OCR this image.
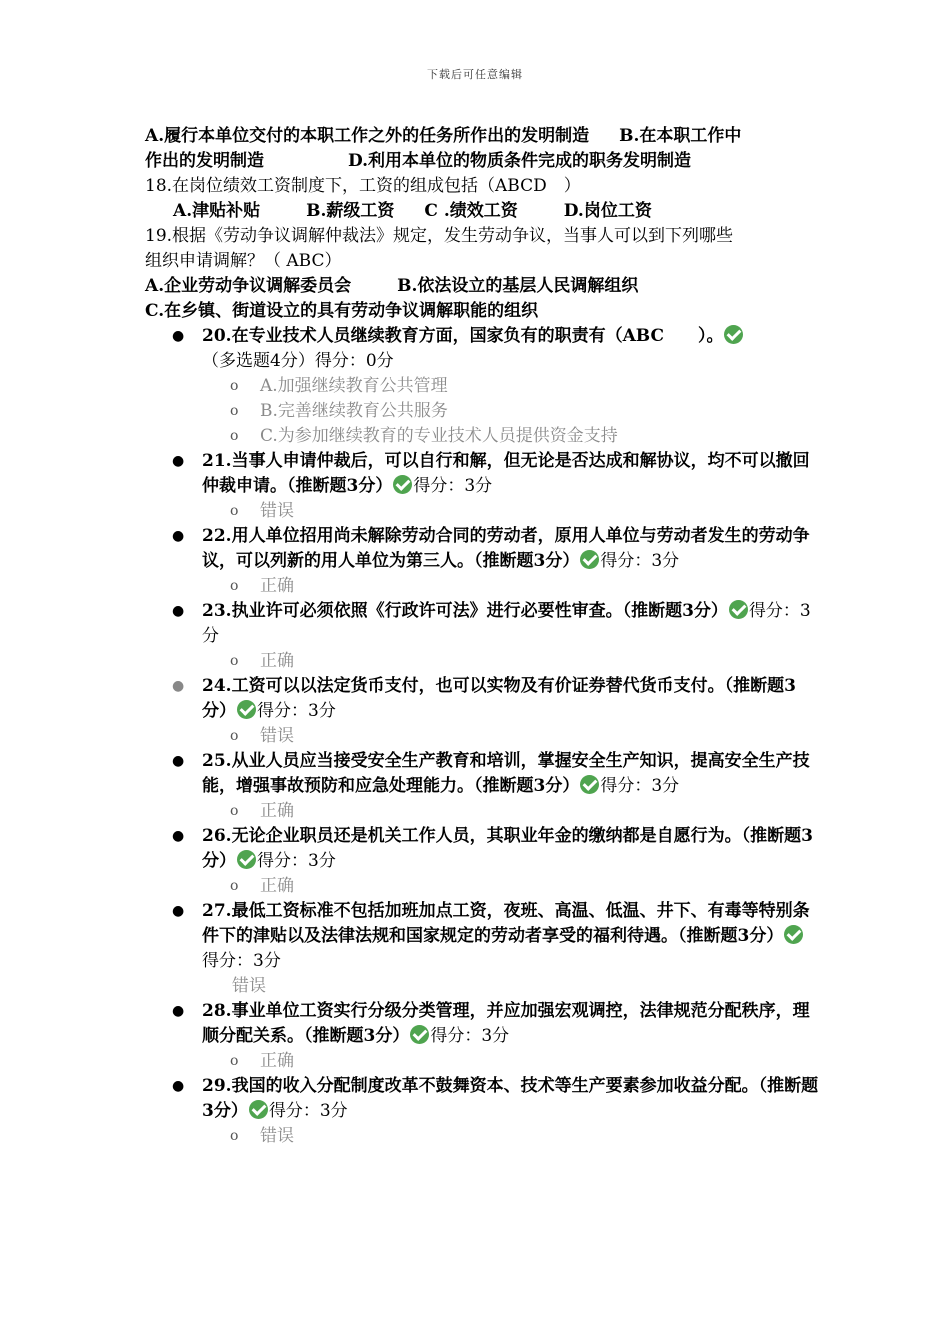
下载后可任意编辑
A.履行本单位交付的本职工作之外的任务所作出的发明制造 B.在本职工作中
作出的发明制造	D.利用本单位的物质条件完成的职务发明制造
18.在岗位绩效工资制度下，工资的组成包括（ABCD　）
A.津贴补贴	B.薪级工资 C .绩效工资	D.岗位工资
19.根据《劳动争议调解仲裁法》规定，发生劳动争议，当事人可以到下列哪些
组织申请调解？（ ABC）
A.企业劳动争议调解委员会	B.依法设立的基层人民调解组织
C.在乡镇、街道设立的具有劳动争议调解职能的组织
● 20.在专业技术人员继续教育方面，国家负有的职责有（ABC　　）。
（多选题4分）得分：0分
o A.加强继续教育公共管理
o B.完善继续教育公共服务
o C.为参加继续教育的专业技术人员提供资金支持
● 21.当事人申请仲裁后，可以自行和解，但无论是否达成和解协议，均不可以撤回仲裁申请。（推断题3分） 得分：3分
o 错误
● 22.用人单位招用尚未解除劳动合同的劳动者，原用人单位与劳动者发生的劳动争议，可以列新的用人单位为第三人。（推断题3分） 得分：3分
o 正确
● 23.执业许可必须依照《行政许可法》进行必要性审查。（推断题3分） 得分：3分
o 正确
● 24.工资可以以法定货币支付，也可以实物及有价证券替代货币支付。（推断题3分） 得分：3分
o 错误
● 25.从业人员应当接受安全生产教育和培训，掌握安全生产知识，提高安全生产技能，增强事故预防和应急处理能力。（推断题3分） 得分：3分
o 正确
● 26.无论企业职员还是机关工作人员，其职业年金的缴纳都是自愿行为。（推断题3分） 得分：3分
o 正确
● 27.最低工资标准不包括加班加点工资，夜班、高温、低温、井下、有毒等特别条件下的津贴以及法律法规和国家规定的劳动者享受的福利待遇。（推断题3分）得分：3分
错误
● 28.事业单位工资实行分级分类管理，并应加强宏观调控，法律规范分配秩序，理顺分配关系。（推断题3分） 得分：3分
o 正确
● 29.我国的收入分配制度改革不鼓舞资本、技术等生产要素参加收益分配。（推断题3分） 得分：3分
o 错误
